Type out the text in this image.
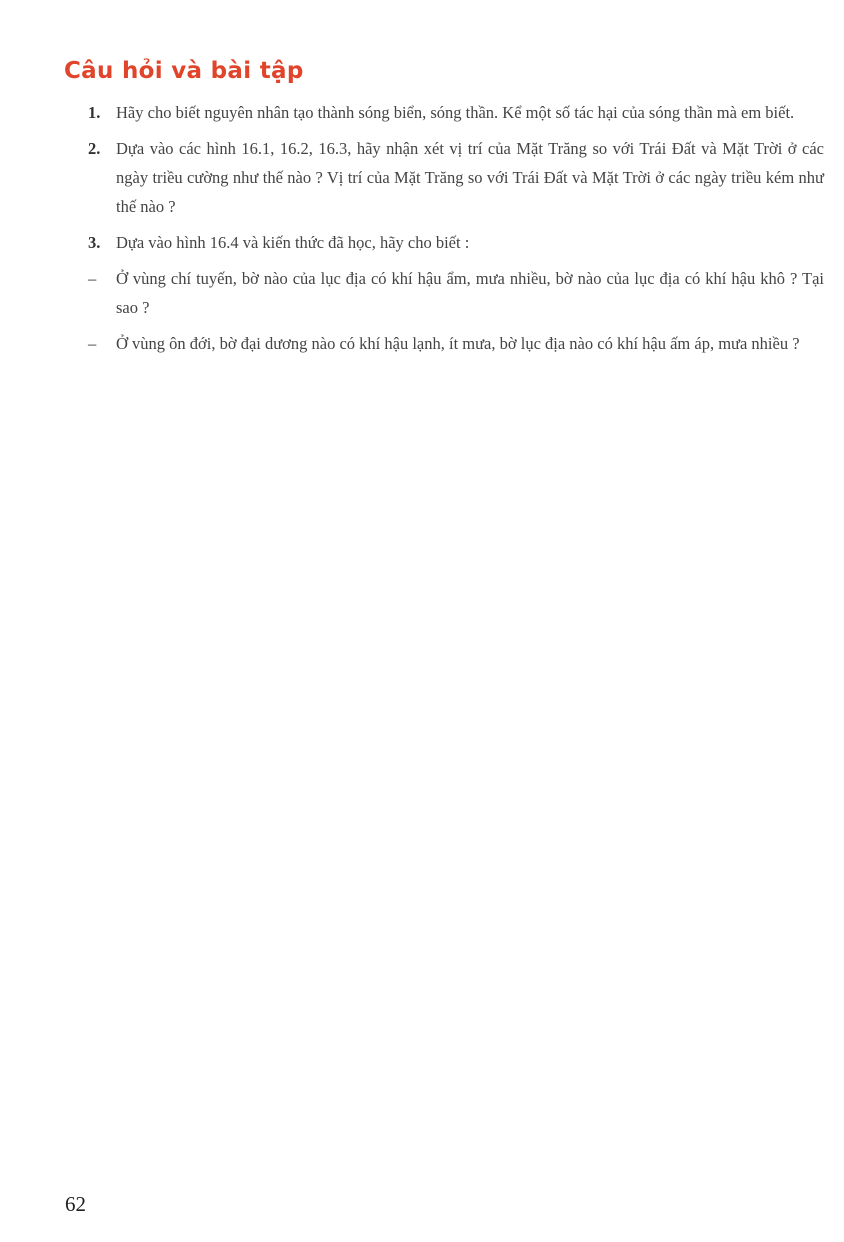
Câu hỏi và bài tập
1. Hãy cho biết nguyên nhân tạo thành sóng biển, sóng thần. Kể một số tác hại của sóng thần mà em biết.
2. Dựa vào các hình 16.1, 16.2, 16.3, hãy nhận xét vị trí của Mặt Trăng so với Trái Đất và Mặt Trời ở các ngày triều cường như thế nào ? Vị trí của Mặt Trăng so với Trái Đất và Mặt Trời ở các ngày triều kém như thế nào ?
3. Dựa vào hình 16.4 và kiến thức đã học, hãy cho biết :
– Ở vùng chí tuyến, bờ nào của lục địa có khí hậu ẩm, mưa nhiều, bờ nào của lục địa có khí hậu khô ? Tại sao ?
– Ở vùng ôn đới, bờ đại dương nào có khí hậu lạnh, ít mưa, bờ lục địa nào có khí hậu ấm áp, mưa nhiều ?
62
